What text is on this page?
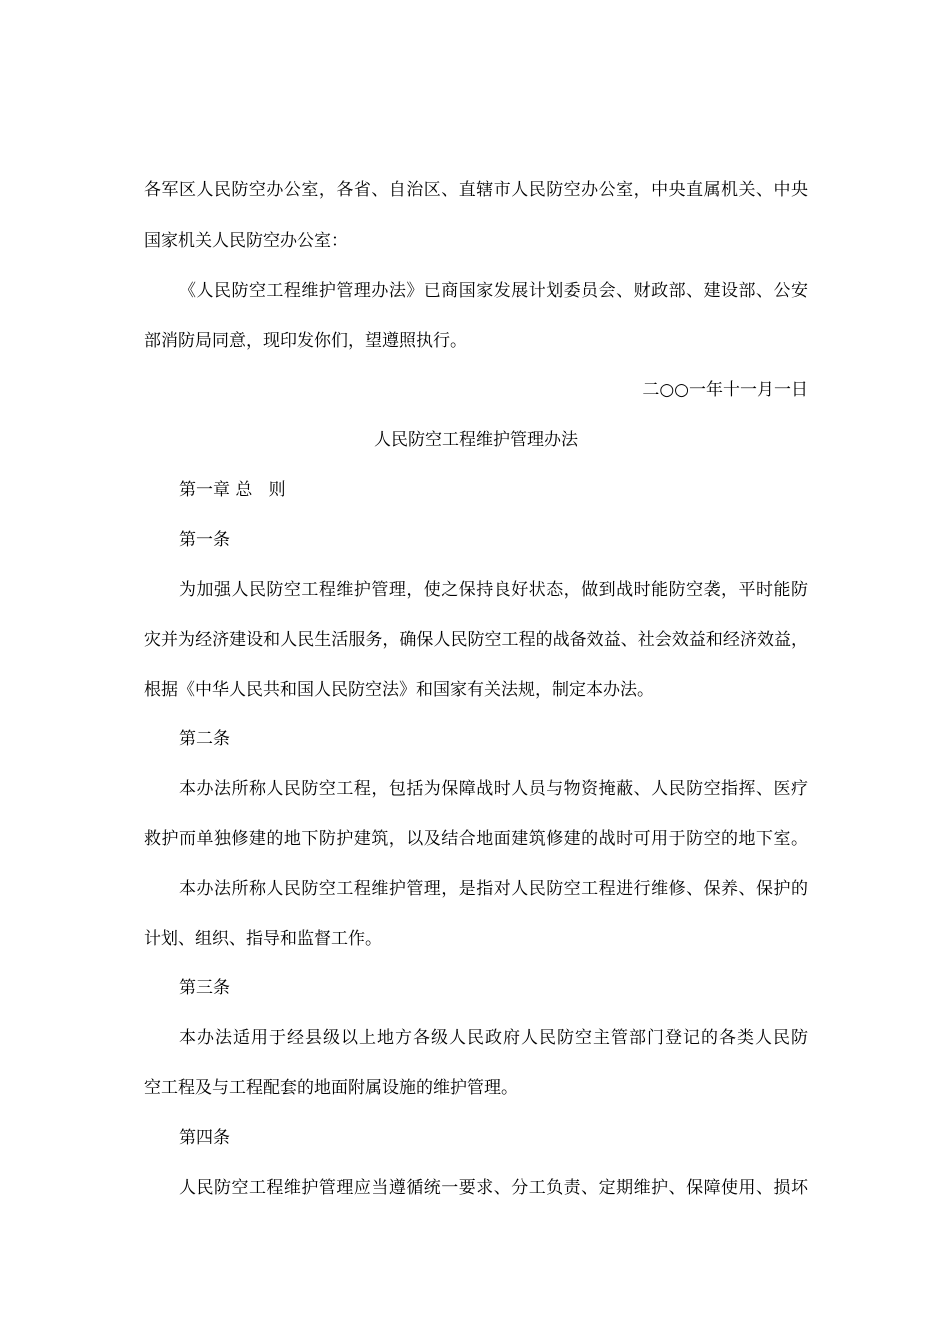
各军区人民防空办公室，各省、自治区、直辖市人民防空办公室，中央直属机关、中央
国家机关人民防空办公室：
《人民防空工程维护管理办法》已商国家发展计划委员会、财政部、建设部、公安
部消防局同意，现印发你们，望遵照执行。
二○○一年十一月一日
人民防空工程维护管理办法
第一章 总   则
第一条
为加强人民防空工程维护管理，使之保持良好状态，做到战时能防空袭，平时能防
灾并为经济建设和人民生活服务，确保人民防空工程的战备效益、社会效益和经济效益，
根据《中华人民共和国人民防空法》和国家有关法规，制定本办法。
第二条
本办法所称人民防空工程，包括为保障战时人员与物资掩蔽、人民防空指挥、医疗
救护而单独修建的地下防护建筑，以及结合地面建筑修建的战时可用于防空的地下室。
本办法所称人民防空工程维护管理，是指对人民防空工程进行维修、保养、保护的
计划、组织、指导和监督工作。
第三条
本办法适用于经县级以上地方各级人民政府人民防空主管部门登记的各类人民防
空工程及与工程配套的地面附属设施的维护管理。
第四条
人民防空工程维护管理应当遵循统一要求、分工负责、定期维护、保障使用、损坏
